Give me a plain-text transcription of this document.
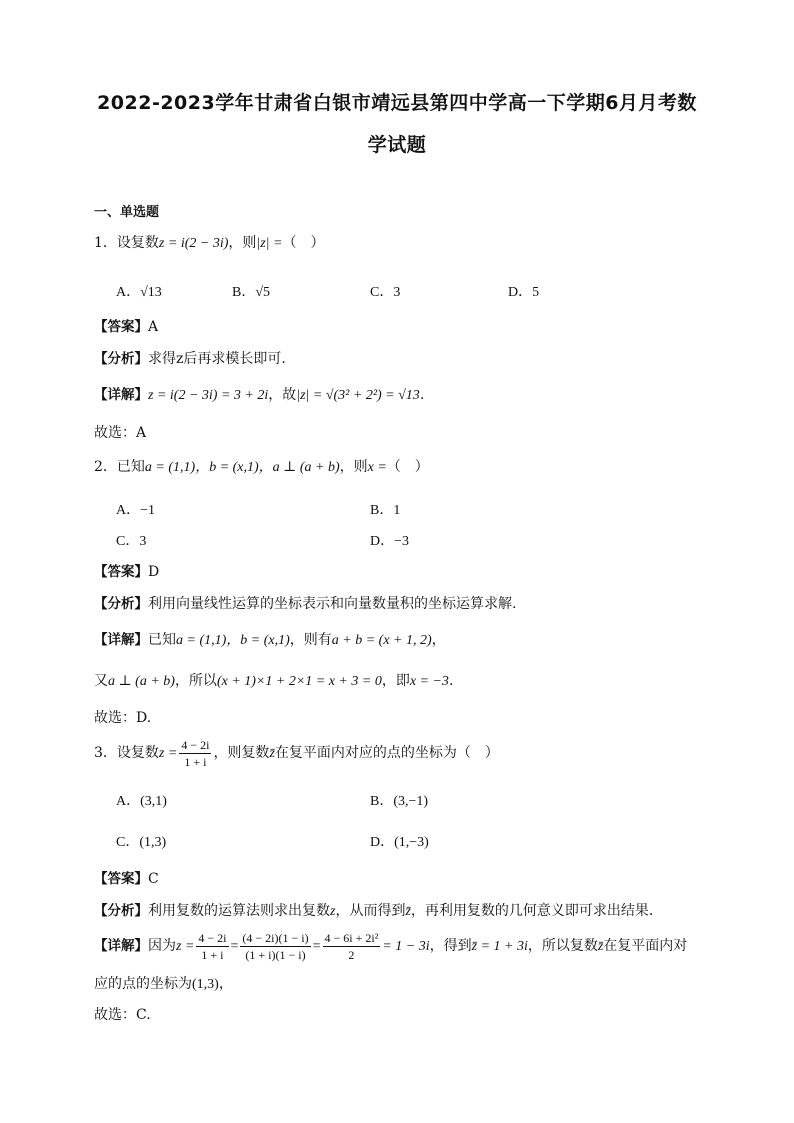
2022-2023学年甘肃省白银市靖远县第四中学高一下学期6月月考数
学试题
一、单选题
1．设复数z = i(2 − 3i)，则|z| =（　）
A．√13	B．√5	C．3	D．5
【答案】A
【分析】求得z后再求模长即可.
【详解】z = i(2 − 3i) = 3 + 2i，故|z| = √(3² + 2²) = √13.
故选：A
2．已知a = (1,1)，b = (x,1)，a ⊥ (a + b)，则x =（　）
A．−1	B．1
C．3	D．−3
【答案】D
【分析】利用向量线性运算的坐标表示和向量数量积的坐标运算求解.
【详解】已知a = (1,1)，b = (x,1)，则有a + b = (x + 1, 2)，
又a ⊥ (a + b)，所以(x + 1)×1 + 2×1 = x + 3 = 0，即x = −3.
故选：D.
3．设复数$z = \frac{4 - 2i}{1 + i}$ ，则复数z̄在复平面内对应的点的坐标为（　）
A．(3,1)	B．(3,−1)
C．(1,3)	D．(1,−3)
【答案】C
【分析】利用复数的运算法则求出复数z，从而得到z̄，再利用复数的几何意义即可求出结果.
【详解】因为$z = \frac{4 - 2i}{1 + i} = \frac{(4 - 2i)(1 - i)}{(1 + i)(1 - i)} = \frac{\text{4 − 6i + 2i²}}{2} = 1 - 3i$，得到z̄ = 1 + 3i，所以复数z̄在复平面内对
应的点的坐标为(1,3)，
故选：C.
